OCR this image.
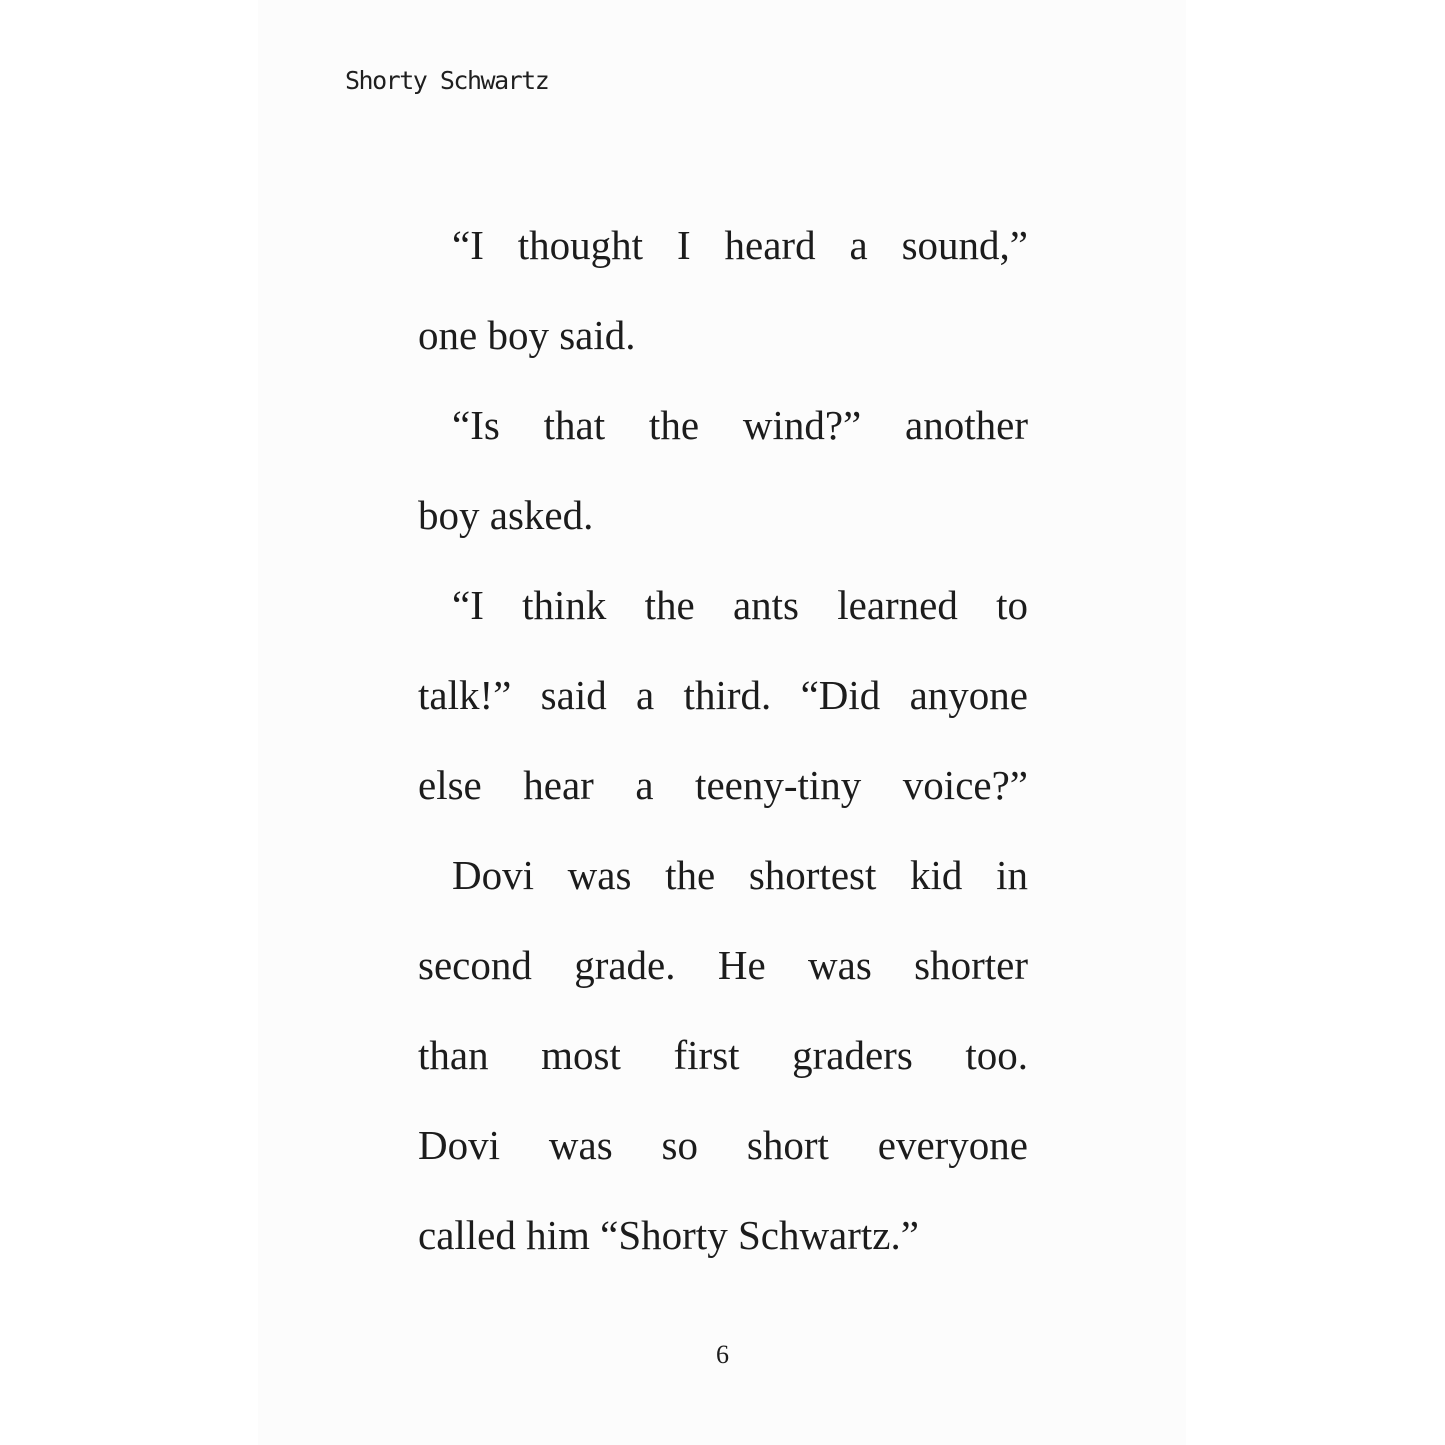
Shorty Schwartz
“I thought I heard a sound,”
one boy said.
“Is that the wind?” another
boy asked.
“I think the ants learned to
talk!” said a third. “Did anyone
else hear a teeny-tiny voice?”
Dovi was the shortest kid in
second grade. He was shorter
than most first graders too.
Dovi was so short everyone
called him “Shorty Schwartz.”
6
